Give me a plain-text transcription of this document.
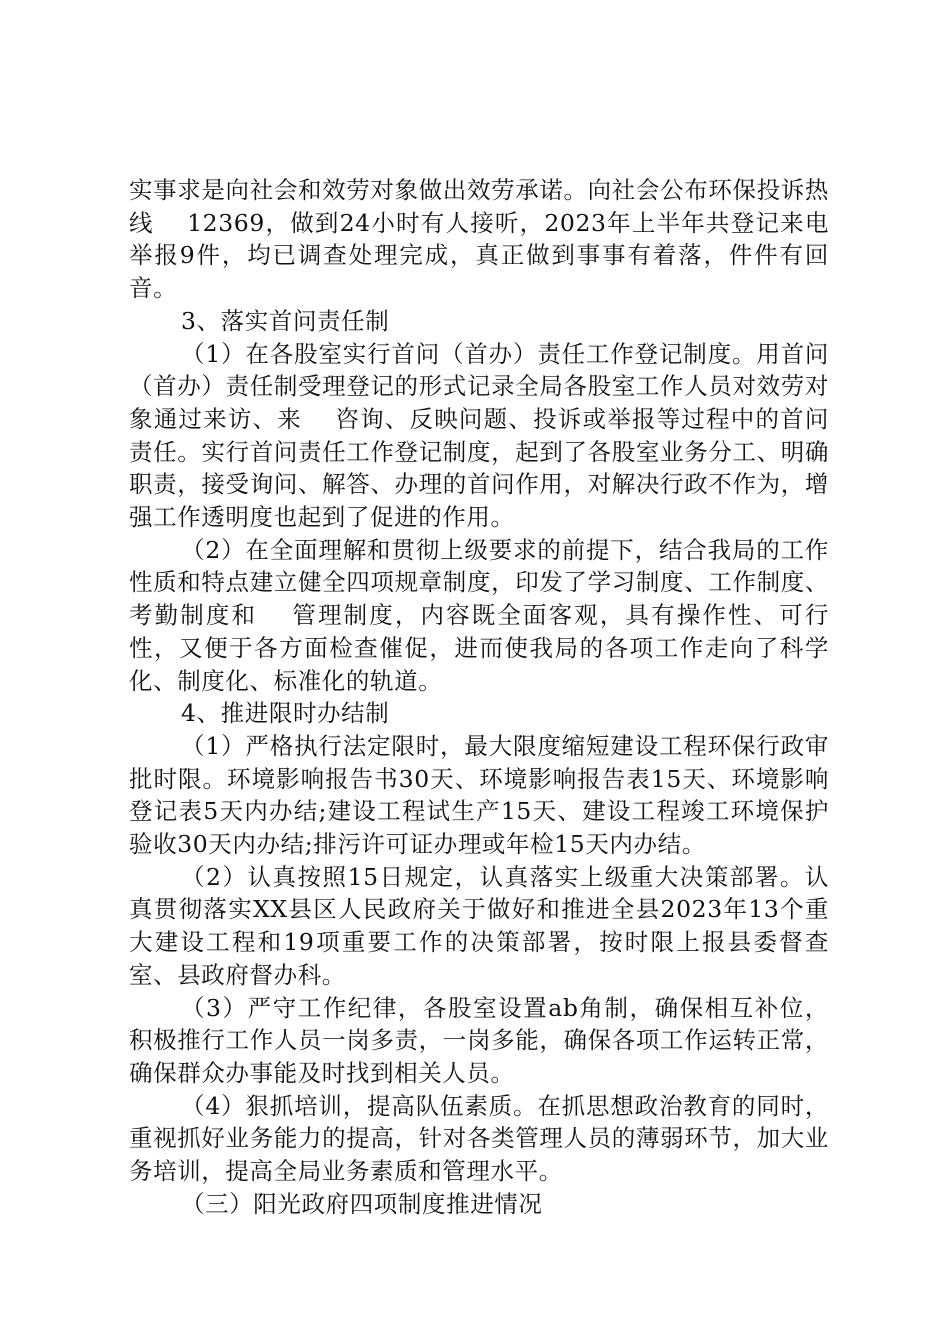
实事求是向社会和效劳对象做出效劳承诺。向社会公布环保投诉热线　 12369，做到24小时有人接听，2023年上半年共登记来电举报9件，均已调查处理完成，真正做到事事有着落，件件有回音。

3、落实首问责任制

（1）在各股室实行首问（首办）责任工作登记制度。用首问（首办）责任制受理登记的形式记录全局各股室工作人员对效劳对象通过来访、来　 咨询、反映问题、投诉或举报等过程中的首问责任。实行首问责任工作登记制度，起到了各股室业务分工、明确职责，接受询问、解答、办理的首问作用，对解决行政不作为，增强工作透明度也起到了促进的作用。

（2）在全面理解和贯彻上级要求的前提下，结合我局的工作性质和特点建立健全四项规章制度，印发了学习制度、工作制度、考勤制度和　 管理制度，内容既全面客观，具有操作性、可行性，又便于各方面检查催促，进而使我局的各项工作走向了科学化、制度化、标准化的轨道。

4、推进限时办结制

（1）严格执行法定限时，最大限度缩短建设工程环保行政审批时限。环境影响报告书30天、环境影响报告表15天、环境影响登记表5天内办结;建设工程试生产15天、建设工程竣工环境保护验收30天内办结;排污许可证办理或年检15天内办结。

（2）认真按照15日规定，认真落实上级重大决策部署。认真贯彻落实XX县区人民政府关于做好和推进全县2023年13个重大建设工程和19项重要工作的决策部署，按时限上报县委督查室、县政府督办科。

（3）严守工作纪律，各股室设置ab角制，确保相互补位，积极推行工作人员一岗多责，一岗多能，确保各项工作运转正常，确保群众办事能及时找到相关人员。

（4）狠抓培训，提高队伍素质。在抓思想政治教育的同时，重视抓好业务能力的提高，针对各类管理人员的薄弱环节，加大业务培训，提高全局业务素质和管理水平。

（三）阳光政府四项制度推进情况
